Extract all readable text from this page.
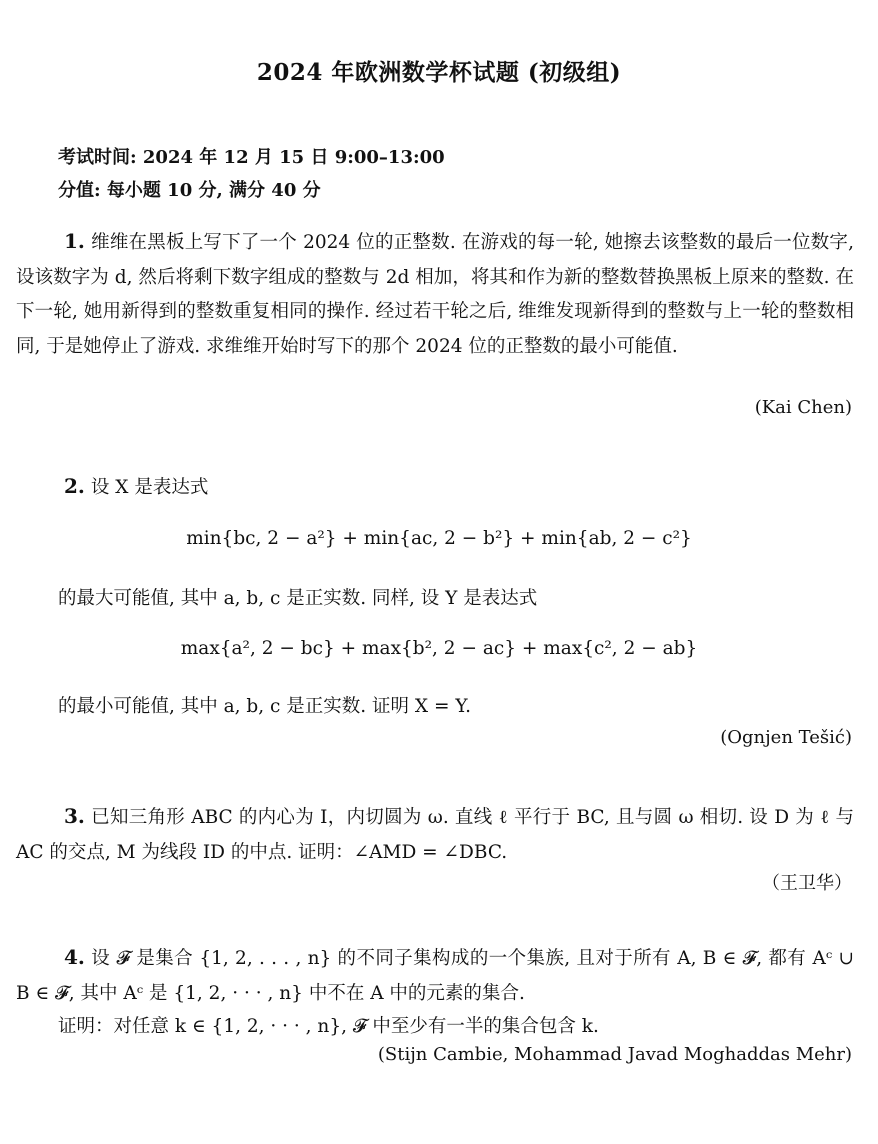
2024 年欧洲数学杯试题 (初级组)
考试时间: 2024 年 12 月 15 日 9:00–13:00
分值: 每小题 10 分, 满分 40 分
1. 维维在黑板上写下了一个 2024 位的正整数. 在游戏的每一轮, 她擦去该整数的最后一位数字, 设该数字为 d, 然后将剩下数字组成的整数与 2d 相加，将其和作为新的整数替换黑板上原来的整数. 在下一轮, 她用新得到的整数重复相同的操作. 经过若干轮之后, 维维发现新得到的整数与上一轮的整数相同, 于是她停止了游戏. 求维维开始时写下的那个 2024 位的正整数的最小可能值.
(Kai Chen)
2. 设 X 是表达式
min{bc, 2 − a²} + min{ac, 2 − b²} + min{ab, 2 − c²}
的最大可能值, 其中 a, b, c 是正实数. 同样, 设 Y 是表达式
max{a², 2 − bc} + max{b², 2 − ac} + max{c², 2 − ab}
的最小可能值, 其中 a, b, c 是正实数. 证明 X = Y.
(Ognjen Tešić)
3. 已知三角形 ABC 的内心为 I，内切圆为 ω. 直线 ℓ 平行于 BC, 且与圆 ω 相切. 设 D 为 ℓ 与 AC 的交点, M 为线段 ID 的中点. 证明：∠AMD = ∠DBC.
（王卫华）
4. 设 𝓕 是集合 {1, 2, . . . , n} 的不同子集构成的一个集族, 且对于所有 A, B ∈ 𝓕, 都有 Aᶜ ∪ B ∈ 𝓕, 其中 Aᶜ 是 {1, 2, · · · , n} 中不在 A 中的元素的集合.
证明：对任意 k ∈ {1, 2, · · · , n}, 𝓕 中至少有一半的集合包含 k.
(Stijn Cambie, Mohammad Javad Moghaddas Mehr)
